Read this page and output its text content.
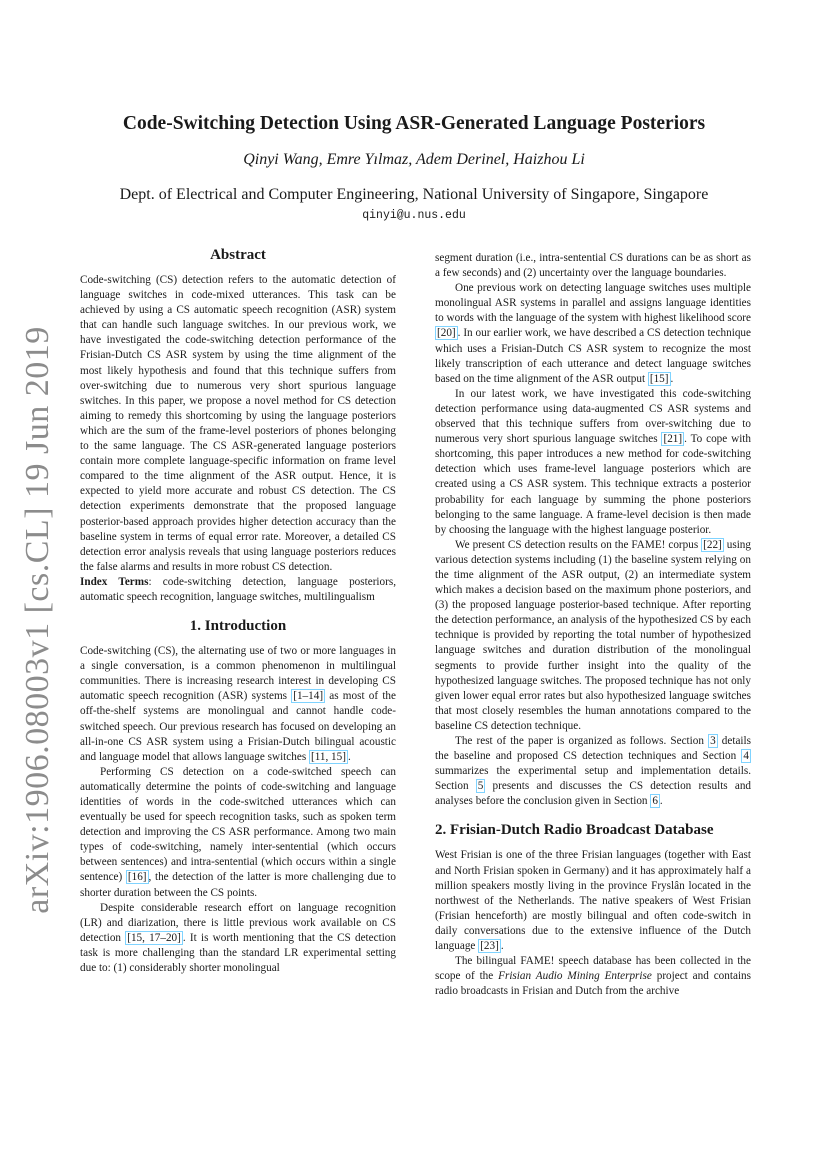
arXiv:1906.08003v1 [cs.CL] 19 Jun 2019
Code-Switching Detection Using ASR-Generated Language Posteriors
Qinyi Wang, Emre Yılmaz, Adem Derinel, Haizhou Li
Dept. of Electrical and Computer Engineering, National University of Singapore, Singapore
qinyi@u.nus.edu
Abstract

Code-switching (CS) detection refers to the automatic detection of language switches in code-mixed utterances. This task can be achieved by using a CS automatic speech recognition (ASR) system that can handle such language switches. In our previous work, we have investigated the code-switching detection performance of the Frisian-Dutch CS ASR system by using the time alignment of the most likely hypothesis and found that this technique suffers from over-switching due to numerous very short spurious language switches. In this paper, we propose a novel method for CS detection aiming to remedy this shortcoming by using the language posteriors which are the sum of the frame-level posteriors of phones belonging to the same language. The CS ASR-generated language posteriors contain more complete language-specific information on frame level compared to the time alignment of the ASR output. Hence, it is expected to yield more accurate and robust CS detection. The CS detection experiments demonstrate that the proposed language posterior-based approach provides higher detection accuracy than the baseline system in terms of equal error rate. Moreover, a detailed CS detection error analysis reveals that using language posteriors reduces the false alarms and results in more robust CS detection.

Index Terms: code-switching detection, language posteriors, automatic speech recognition, language switches, multilingualism

1. Introduction

Code-switching (CS), the alternating use of two or more languages in a single conversation, is a common phenomenon in multilingual communities. There is increasing research interest in developing CS automatic speech recognition (ASR) systems [1–14] as most of the off-the-shelf systems are monolingual and cannot handle code-switched speech. Our previous research has focused on developing an all-in-one CS ASR system using a Frisian-Dutch bilingual acoustic and language model that allows language switches [11, 15] .

Performing CS detection on a code-switched speech can automatically determine the points of code-switching and language identities of words in the code-switched utterances which can eventually be used for speech recognition tasks, such as spoken term detection and improving the CS ASR performance. Among two main types of code-switching, namely inter-sentential (which occurs between sentences) and intra-sentential (which occurs within a single sentence) [16] , the detection of the latter is more challenging due to shorter duration between the CS points.

Despite considerable research effort on language recognition (LR) and diarization, there is little previous work available on CS detection [15, 17–20] . It is worth mentioning that the CS detection task is more challenging than the standard LR experimental setting due to: (1) considerably shorter monolingual

segment duration (i.e., intra-sentential CS durations can be as short as a few seconds) and (2) uncertainty over the language boundaries.

One previous work on detecting language switches uses multiple monolingual ASR systems in parallel and assigns language identities to words with the language of the system with highest likelihood score [20] . In our earlier work, we have described a CS detection technique which uses a Frisian-Dutch CS ASR system to recognize the most likely transcription of each utterance and detect language switches based on the time alignment of the ASR output [15] .

In our latest work, we have investigated this code-switching detection performance using data-augmented CS ASR systems and observed that this technique suffers from over-switching due to numerous very short spurious language switches [21] . To cope with shortcoming, this paper introduces a new method for code-switching detection which uses frame-level language posteriors which are created using a CS ASR system. This technique extracts a posterior probability for each language by summing the phone posteriors belonging to the same language. A frame-level decision is then made by choosing the language with the highest language posterior.

We present CS detection results on the FAME! corpus [22] using various detection systems including (1) the baseline system relying on the time alignment of the ASR output, (2) an intermediate system which makes a decision based on the maximum phone posteriors, and (3) the proposed language posterior-based technique. After reporting the detection performance, an analysis of the hypothesized CS by each technique is provided by reporting the total number of hypothesized language switches and duration distribution of the monolingual segments to provide further insight into the quality of the hypothesized language switches. The proposed technique has not only given lower equal error rates but also hypothesized language switches that most closely resembles the human annotations compared to the baseline CS detection technique.

The rest of the paper is organized as follows. Section 3 details the baseline and proposed CS detection techniques and Section 4 summarizes the experimental setup and implementation details. Section 5 presents and discusses the CS detection results and analyses before the conclusion given in Section 6 .

2. Frisian-Dutch Radio Broadcast Database

West Frisian is one of the three Frisian languages (together with East and North Frisian spoken in Germany) and it has approximately half a million speakers mostly living in the province Fryslân located in the northwest of the Netherlands. The native speakers of West Frisian (Frisian henceforth) are mostly bilingual and often code-switch in daily conversations due to the extensive influence of the Dutch language [23] .

The bilingual FAME! speech database has been collected in the scope of the Frisian Audio Mining Enterprise project and contains radio broadcasts in Frisian and Dutch from the archive
